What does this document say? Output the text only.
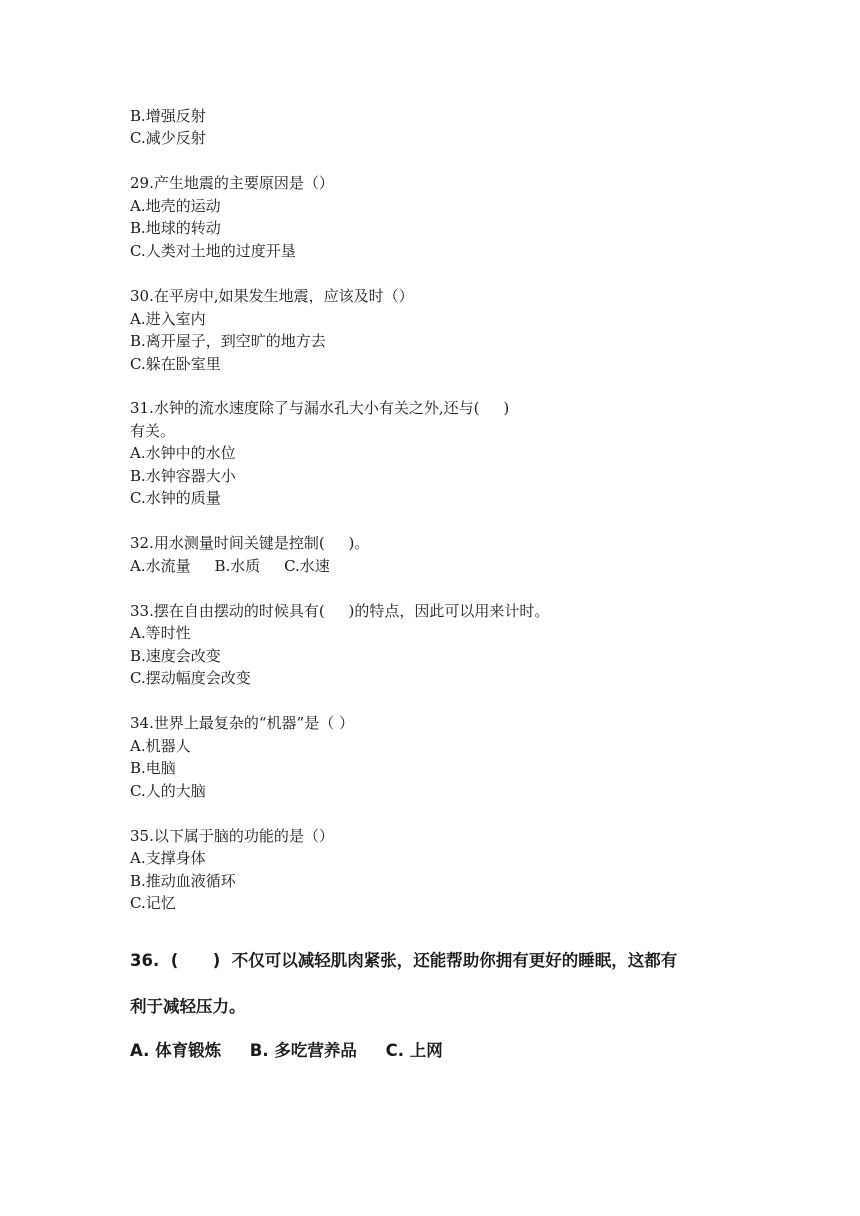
B.增强反射
C.减少反射
29.产生地震的主要原因是（）
A.地壳的运动
B.地球的转动
C.人类对土地的过度开垦
30.在平房中,如果发生地震，应该及时（）
A.进入室内
B.离开屋子，到空旷的地方去
C.躲在卧室里
31.水钟的流水速度除了与漏水孔大小有关之外,还与(     )
有关。
A.水钟中的水位
B.水钟容器大小
C.水钟的质量
32.用水测量时间关键是控制(     )。
A.水流量     B.水质     C.水速
33.摆在自由摆动的时候具有(     )的特点，因此可以用来计时。
A.等时性
B.速度会改变
C.摆动幅度会改变
34.世界上最复杂的“机器”是（ ）
A.机器人
B.电脑
C.人的大脑
35.以下属于脑的功能的是（）
A.支撑身体
B.推动血液循环
C.记忆
36.  (      )  不仅可以减轻肌肉紧张，还能帮助你拥有更好的睡眠，这都有
利于减轻压力。
A. 体育锻炼     B. 多吃营养品     C. 上网
